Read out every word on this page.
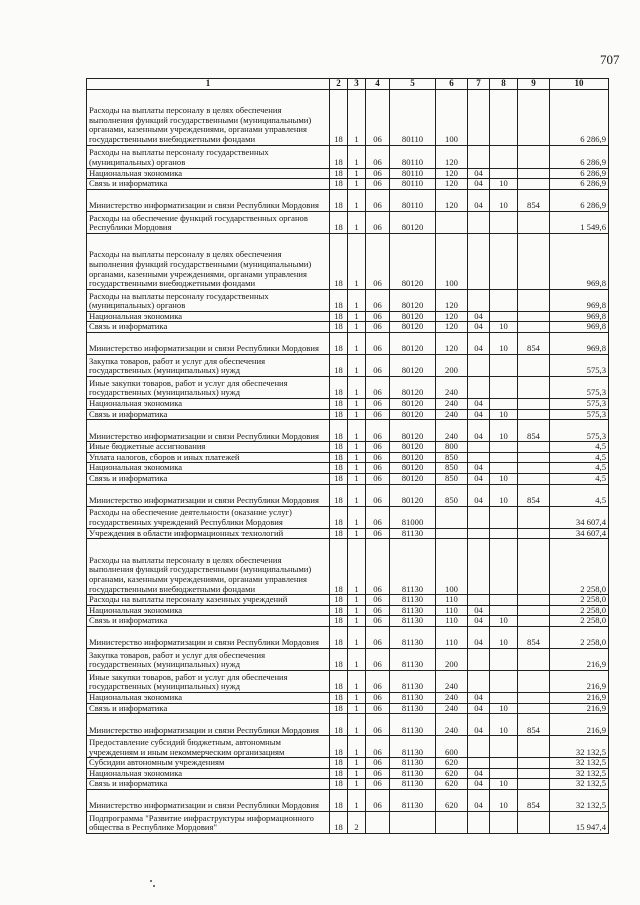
707
1	2	3	4	5	6	7	8	9	10
Расходы на выплаты персоналу в целях обеспечения выполнения функций государственными (муниципальными) органами, казенными учреждениями, органами управления государственными внебюджетными фондами	18	1	06	80110	100				6 286,9
Расходы на выплаты персоналу государственных (муниципальных) органов	18	1	06	80110	120				6 286,9
Национальная экономика	18	1	06	80110	120	04			6 286,9
Связь и информатика	18	1	06	80110	120	04	10		6 286,9
Министерство информатизации и связи Республики Мордовия	18	1	06	80110	120	04	10	854	6 286,9
Расходы на обеспечение функций государственных органов Республики Мордовия	18	1	06	80120					1 549,6
Расходы на выплаты персоналу в целях обеспечения выполнения функций государственными (муниципальными) органами, казенными учреждениями, органами управления государственными внебюджетными фондами	18	1	06	80120	100				969,8
Расходы на выплаты персоналу государственных (муниципальных) органов	18	1	06	80120	120				969,8
Национальная экономика	18	1	06	80120	120	04			969,8
Связь и информатика	18	1	06	80120	120	04	10		969,8
Министерство информатизации и связи Республики Мордовия	18	1	06	80120	120	04	10	854	969,8
Закупка товаров, работ и услуг для обеспечения государственных (муниципальных) нужд	18	1	06	80120	200				575,3
Иные закупки товаров, работ и услуг для обеспечения государственных (муниципальных) нужд	18	1	06	80120	240				575,3
Национальная экономика	18	1	06	80120	240	04			575,3
Связь и информатика	18	1	06	80120	240	04	10		575,3
Министерство информатизации и связи Республики Мордовия	18	1	06	80120	240	04	10	854	575,3
Иные бюджетные ассигнования	18	1	06	80120	800				4,5
Уплата налогов, сборов и иных платежей	18	1	06	80120	850				4,5
Национальная экономика	18	1	06	80120	850	04			4,5
Связь и информатика	18	1	06	80120	850	04	10		4,5
Министерство информатизации и связи Республики Мордовия	18	1	06	80120	850	04	10	854	4,5
Расходы на обеспечение деятельности (оказание услуг) государственных учреждений Республики Мордовия	18	1	06	81000					34 607,4
Учреждения в области информационных технологий	18	1	06	81130					34 607,4
Расходы на выплаты персоналу в целях обеспечения выполнения функций государственными (муниципальными) органами, казенными учреждениями, органами управления государственными внебюджетными фондами	18	1	06	81130	100				2 258,0
Расходы на выплаты персоналу казенных учреждений	18	1	06	81130	110				2 258,0
Национальная экономика	18	1	06	81130	110	04			2 258,0
Связь и информатика	18	1	06	81130	110	04	10		2 258,0
Министерство информатизации и связи Республики Мордовия	18	1	06	81130	110	04	10	854	2 258,0
Закупка товаров, работ и услуг для обеспечения государственных (муниципальных) нужд	18	1	06	81130	200				216,9
Иные закупки товаров, работ и услуг для обеспечения государственных (муниципальных) нужд	18	1	06	81130	240				216,9
Национальная экономика	18	1	06	81130	240	04			216,9
Связь и информатика	18	1	06	81130	240	04	10		216,9
Министерство информатизации и связи Республики Мордовия	18	1	06	81130	240	04	10	854	216,9
Предоставление субсидий бюджетным, автономным учреждениям и иным некоммерческим организациям	18	1	06	81130	600				32 132,5
Субсидии автономным учреждениям	18	1	06	81130	620				32 132,5
Национальная экономика	18	1	06	81130	620	04			32 132,5
Связь и информатика	18	1	06	81130	620	04	10		32 132,5
Министерство информатизации и связи Республики Мордовия	18	1	06	81130	620	04	10	854	32 132,5
Подпрограмма "Развитие инфраструктуры информационного общества в Республике Мордовия"	18	2							15 947,4
